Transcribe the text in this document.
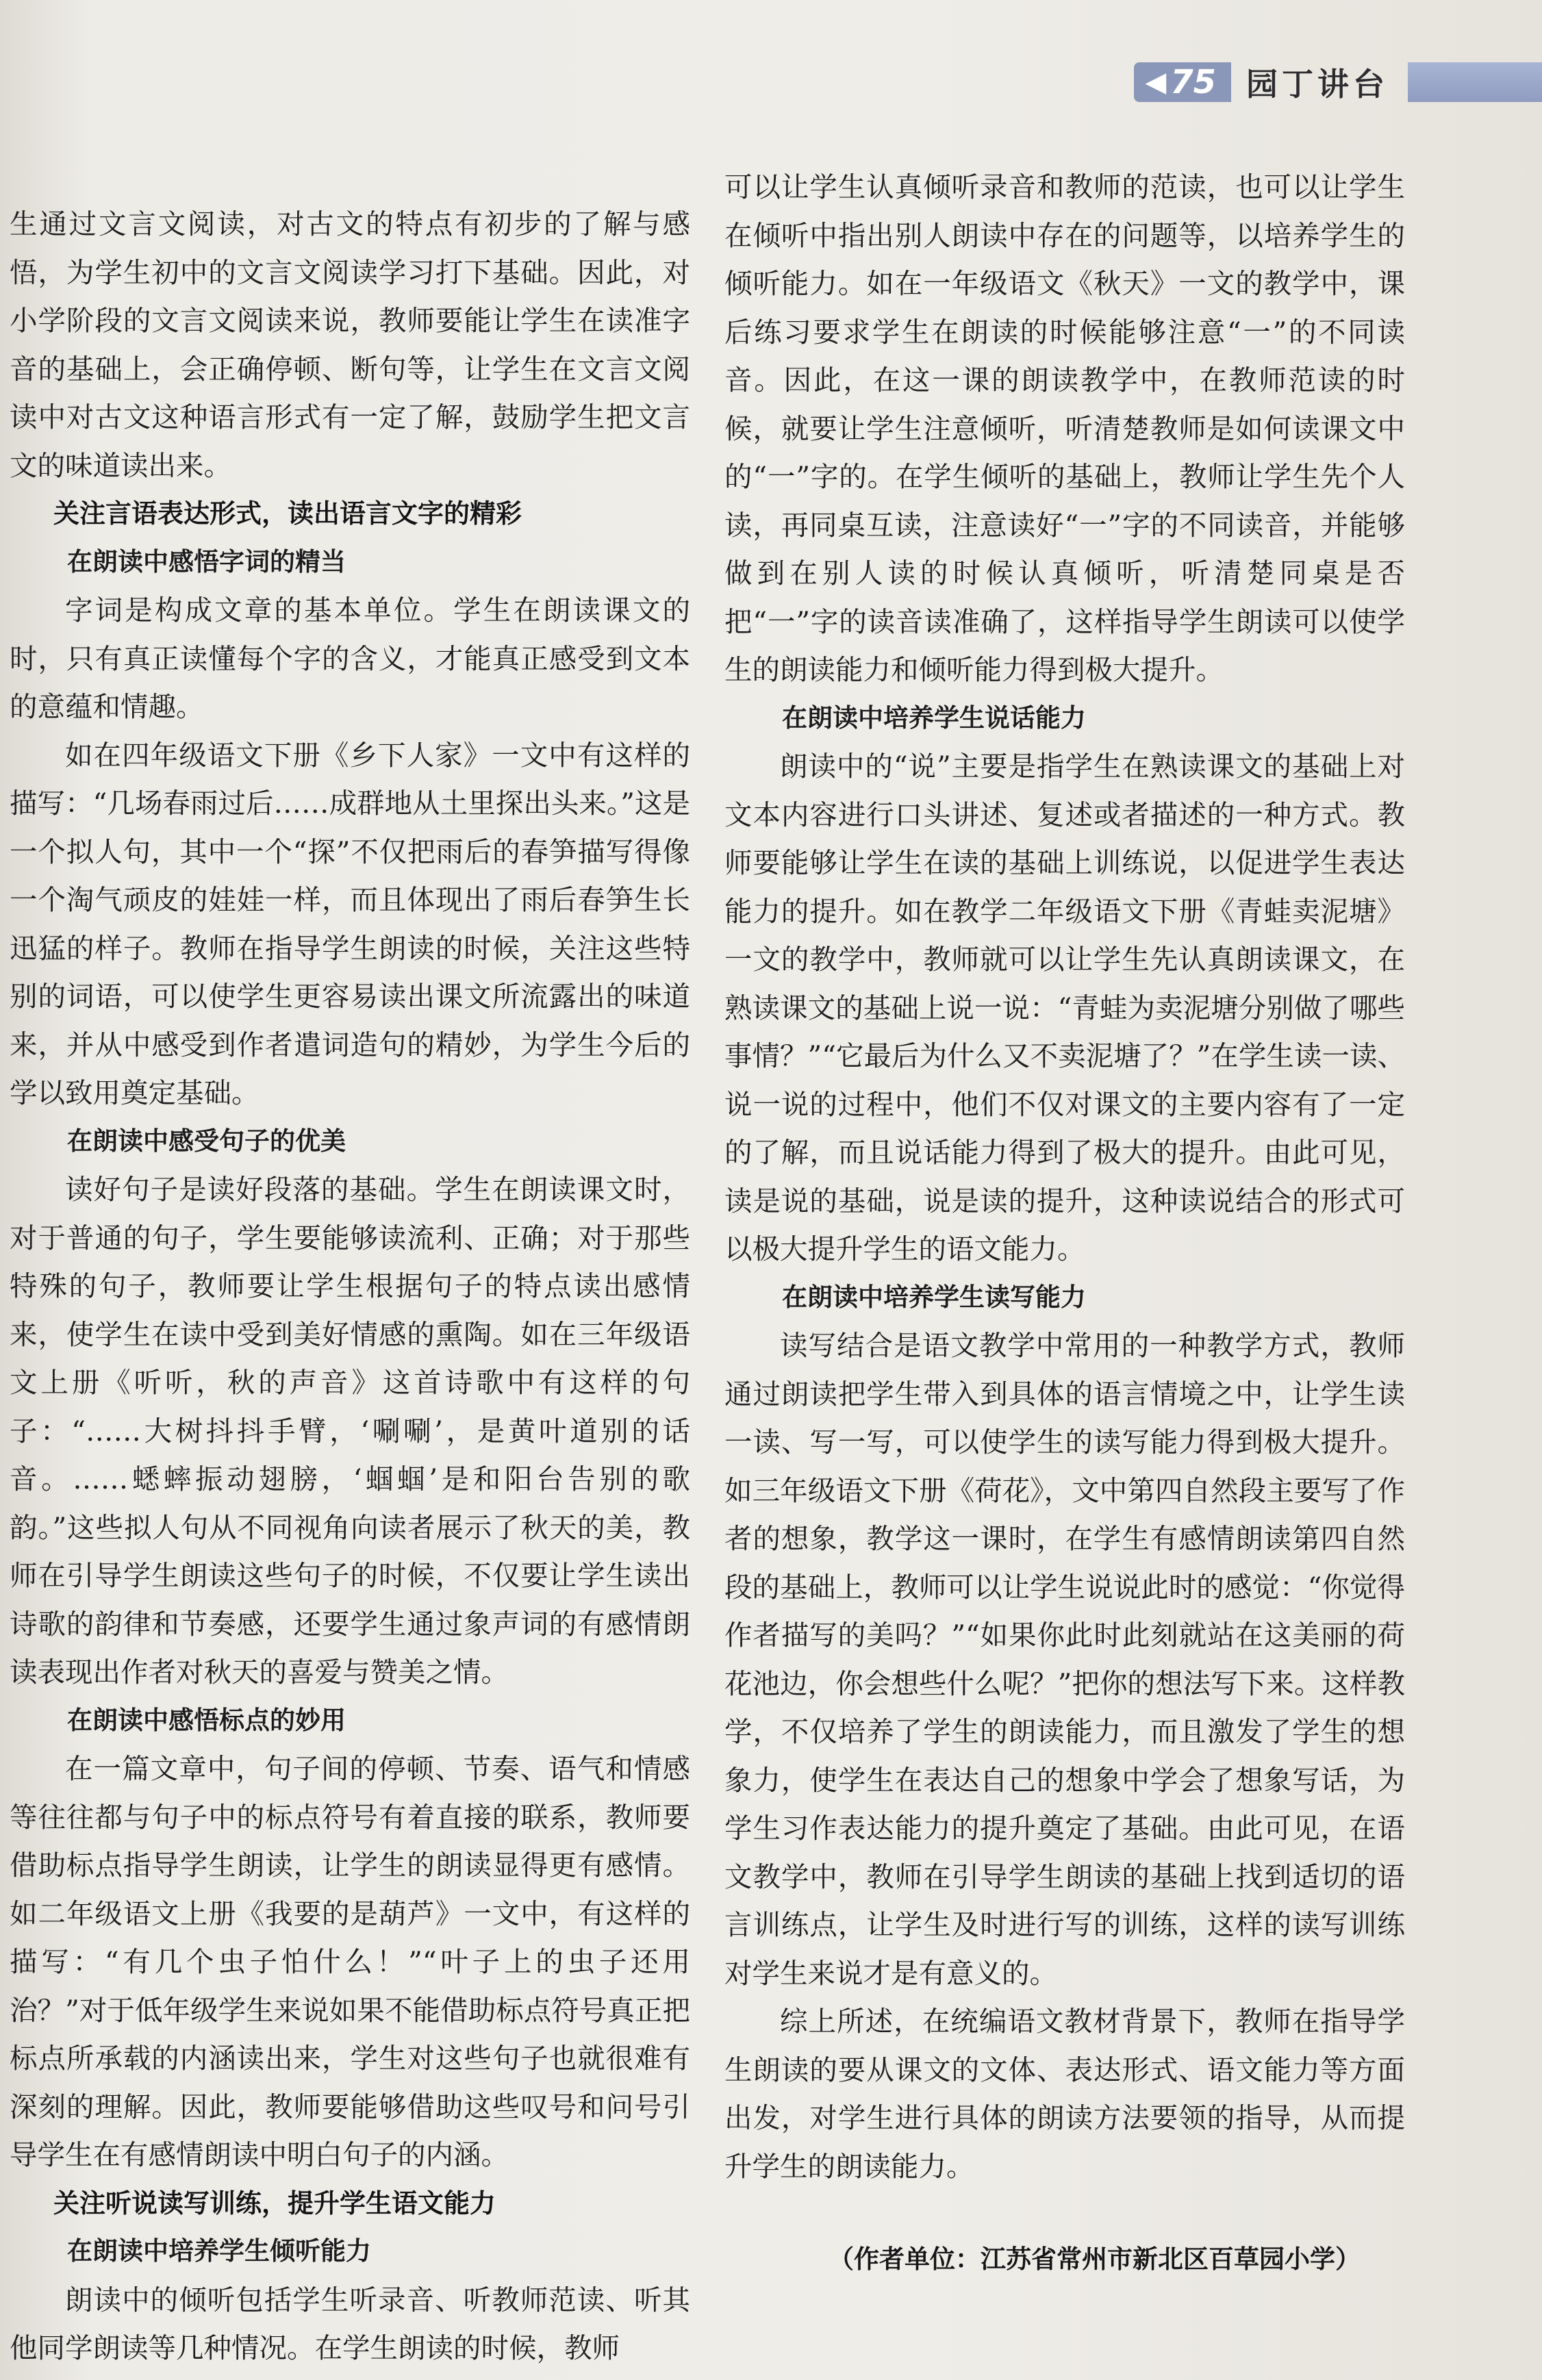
◀ 75 园丁讲台

生通过文言文阅读，对古文的特点有初步的了解与感悟，为学生初中的文言文阅读学习打下基础。因此，对小学阶段的文言文阅读来说，教师要能让学生在读准字音的基础上，会正确停顿、断句等，让学生在文言文阅读中对古文这种语言形式有一定了解，鼓励学生把文言文的味道读出来。

关注言语表达形式，读出语言文字的精彩
在朗读中感悟字词的精当

字词是构成文章的基本单位。学生在朗读课文的时，只有真正读懂每个字的含义，才能真正感受到文本的意蕴和情趣。

如在四年级语文下册《乡下人家》一文中有这样的描写：“几场春雨过后……成群地从土里探出头来。”这是一个拟人句，其中一个“探”不仅把雨后的春笋描写得像一个淘气顽皮的娃娃一样，而且体现出了雨后春笋生长迅猛的样子。教师在指导学生朗读的时候，关注这些特别的词语，可以使学生更容易读出课文所流露出的味道来，并从中感受到作者遣词造句的精妙，为学生今后的学以致用奠定基础。

在朗读中感受句子的优美

读好句子是读好段落的基础。学生在朗读课文时，对于普通的句子，学生要能够读流利、正确；对于那些特殊的句子，教师要让学生根据句子的特点读出感情来，使学生在读中受到美好情感的熏陶。如在三年级语文上册《听听，秋的声音》这首诗歌中有这样的句子：“……大树抖抖手臂，‘唰唰’，是黄叶道别的话音。……蟋蟀振动翅膀，‘蝈蝈’是和阳台告别的歌韵。”这些拟人句从不同视角向读者展示了秋天的美，教师在引导学生朗读这些句子的时候，不仅要让学生读出诗歌的韵律和节奏感，还要学生通过象声词的有感情朗读表现出作者对秋天的喜爱与赞美之情。

在朗读中感悟标点的妙用

在一篇文章中，句子间的停顿、节奏、语气和情感等往往都与句子中的标点符号有着直接的联系，教师要借助标点指导学生朗读，让学生的朗读显得更有感情。如二年级语文上册《我要的是葫芦》一文中，有这样的描写：“有几个虫子怕什么！”“叶子上的虫子还用治？”对于低年级学生来说如果不能借助标点符号真正把标点所承载的内涵读出来，学生对这些句子也就很难有深刻的理解。因此，教师要能够借助这些叹号和问号引导学生在有感情朗读中明白句子的内涵。

关注听说读写训练，提升学生语文能力
在朗读中培养学生倾听能力

朗读中的倾听包括学生听录音、听教师范读、听其他同学朗读等几种情况。在学生朗读的时候，教师

可以让学生认真倾听录音和教师的范读，也可以让学生在倾听中指出别人朗读中存在的问题等，以培养学生的倾听能力。如在一年级语文《秋天》一文的教学中，课后练习要求学生在朗读的时候能够注意“一”的不同读音。因此，在这一课的朗读教学中，在教师范读的时候，就要让学生注意倾听，听清楚教师是如何读课文中的“一”字的。在学生倾听的基础上，教师让学生先个人读，再同桌互读，注意读好“一”字的不同读音，并能够做到在别人读的时候认真倾听，听清楚同桌是否把“一”字的读音读准确了，这样指导学生朗读可以使学生的朗读能力和倾听能力得到极大提升。

在朗读中培养学生说话能力

朗读中的“说”主要是指学生在熟读课文的基础上对文本内容进行口头讲述、复述或者描述的一种方式。教师要能够让学生在读的基础上训练说，以促进学生表达能力的提升。如在教学二年级语文下册《青蛙卖泥塘》一文的教学中，教师就可以让学生先认真朗读课文，在熟读课文的基础上说一说：“青蛙为卖泥塘分别做了哪些事情？”“它最后为什么又不卖泥塘了？”在学生读一读、说一说的过程中，他们不仅对课文的主要内容有了一定的了解，而且说话能力得到了极大的提升。由此可见，读是说的基础，说是读的提升，这种读说结合的形式可以极大提升学生的语文能力。

在朗读中培养学生读写能力

读写结合是语文教学中常用的一种教学方式，教师通过朗读把学生带入到具体的语言情境之中，让学生读一读、写一写，可以使学生的读写能力得到极大提升。如三年级语文下册《荷花》，文中第四自然段主要写了作者的想象，教学这一课时，在学生有感情朗读第四自然段的基础上，教师可以让学生说说此时的感觉：“你觉得作者描写的美吗？”“如果你此时此刻就站在这美丽的荷花池边，你会想些什么呢？”把你的想法写下来。这样教学，不仅培养了学生的朗读能力，而且激发了学生的想象力，使学生在表达自己的想象中学会了想象写话，为学生习作表达能力的提升奠定了基础。由此可见，在语文教学中，教师在引导学生朗读的基础上找到适切的语言训练点，让学生及时进行写的训练，这样的读写训练对学生来说才是有意义的。

综上所述，在统编语文教材背景下，教师在指导学生朗读的要从课文的文体、表达形式、语文能力等方面出发，对学生进行具体的朗读方法要领的指导，从而提升学生的朗读能力。

（作者单位：江苏省常州市新北区百草园小学）
